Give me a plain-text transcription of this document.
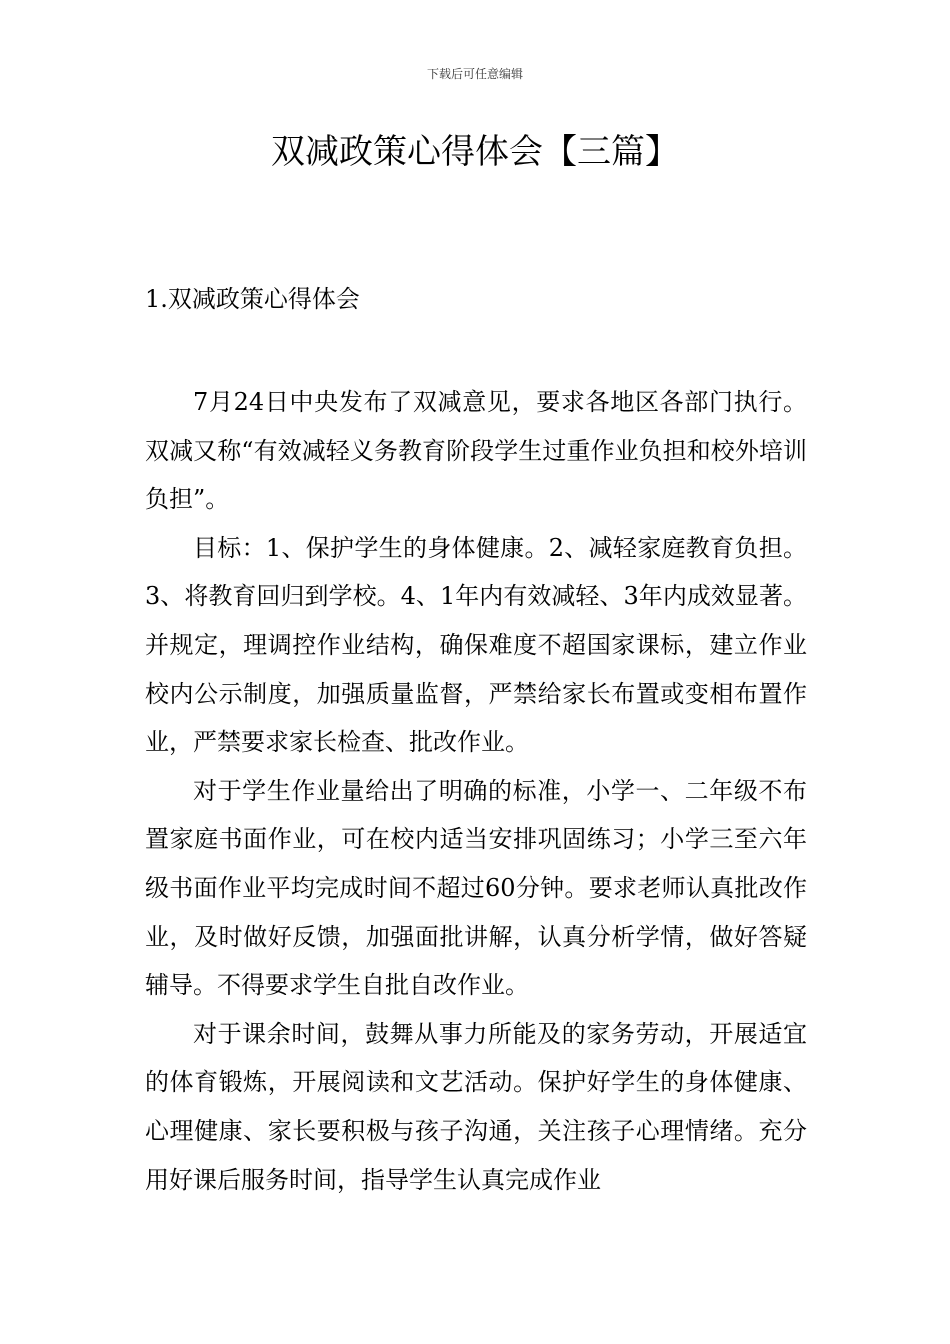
下载后可任意编辑
双减政策心得体会【三篇】
1.双减政策心得体会

7月24日中央发布了双减意见，要求各地区各部门执行。双减又称“有效减轻义务教育阶段学生过重作业负担和校外培训负担”。

目标：1、保护学生的身体健康。2、减轻家庭教育负担。3、将教育回归到学校。4、1年内有效减轻、3年内成效显著。并规定，理调控作业结构，确保难度不超国家课标，建立作业校内公示制度，加强质量监督，严禁给家长布置或变相布置作业，严禁要求家长检查、批改作业。

对于学生作业量给出了明确的标准，小学一、二年级不布置家庭书面作业，可在校内适当安排巩固练习；小学三至六年级书面作业平均完成时间不超过60分钟。要求老师认真批改作业，及时做好反馈，加强面批讲解，认真分析学情，做好答疑辅导。不得要求学生自批自改作业。

对于课余时间，鼓舞从事力所能及的家务劳动，开展适宜的体育锻炼，开展阅读和文艺活动。保护好学生的身体健康、心理健康、家长要积极与孩子沟通，关注孩子心理情绪。充分用好课后服务时间，指导学生认真完成作业
